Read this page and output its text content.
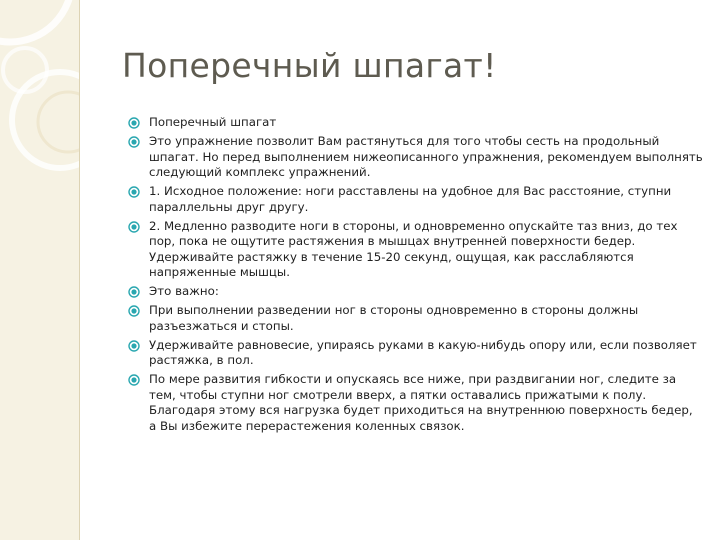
Поперечный шпагат!
Поперечный шпагат
Это упражнение позволит Вам растянуться для того чтобы сесть на продольный шпагат. Но перед выполнением нижеописанного упражнения, рекомендуем выполнять следующий комплекс упражнений.
1. Исходное положение: ноги расставлены на удобное для Вас расстояние, ступни параллельны друг другу.
2. Медленно разводите ноги в стороны, и одновременно опускайте таз вниз, до тех пор, пока не ощутите растяжения в мышцах внутренней поверхности бедер. Удерживайте растяжку в течение 15-20 секунд, ощущая, как расслабляются напряженные мышцы.
Это важно:
При выполнении разведении ног в стороны одновременно в стороны должны разъезжаться и стопы.
Удерживайте равновесие, упираясь руками в какую-нибудь опору или, если позволяет растяжка, в пол.
По мере развития гибкости и опускаясь все ниже, при раздвигании ног, следите за тем, чтобы ступни ног смотрели вверх, а пятки оставались прижатыми к полу. Благодаря этому вся нагрузка будет приходиться на внутреннюю поверхность бедер, а Вы избежите перерастежения коленных связок.
